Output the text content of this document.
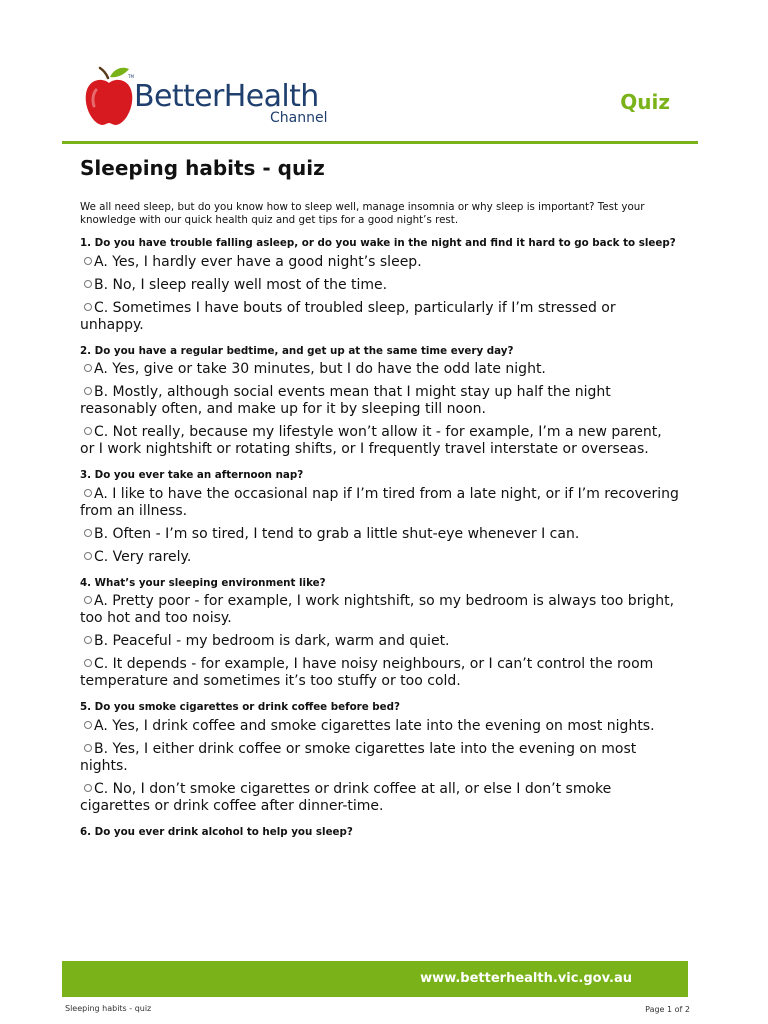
TM
BetterHealth
Channel
Quiz
Sleeping habits - quiz

We all need sleep, but do you know how to sleep well, manage insomnia or why sleep is important? Test your knowledge with our quick health quiz and get tips for a good night’s rest.

1. Do you have trouble falling asleep, or do you wake in the night and find it hard to go back to sleep?

A. Yes, I hardly ever have a good night’s sleep.
B. No, I sleep really well most of the time.
C. Sometimes I have bouts of troubled sleep, particularly if I’m stressed or unhappy.

2. Do you have a regular bedtime, and get up at the same time every day?

A. Yes, give or take 30 minutes, but I do have the odd late night.
B. Mostly, although social events mean that I might stay up half the night reasonably often, and make up for it by sleeping till noon.
C. Not really, because my lifestyle won’t allow it - for example, I’m a new parent, or I work nightshift or rotating shifts, or I frequently travel interstate or overseas.

3. Do you ever take an afternoon nap?

A. I like to have the occasional nap if I’m tired from a late night, or if I’m recovering from an illness.
B. Often - I’m so tired, I tend to grab a little shut-eye whenever I can.
C. Very rarely.

4. What’s your sleeping environment like?

A. Pretty poor - for example, I work nightshift, so my bedroom is always too bright, too hot and too noisy.
B. Peaceful - my bedroom is dark, warm and quiet.
C. It depends - for example, I have noisy neighbours, or I can’t control the room temperature and sometimes it’s too stuffy or too cold.

5. Do you smoke cigarettes or drink coffee before bed?

A. Yes, I drink coffee and smoke cigarettes late into the evening on most nights.
B. Yes, I either drink coffee or smoke cigarettes late into the evening on most nights.
C. No, I don’t smoke cigarettes or drink coffee at all, or else I don’t smoke cigarettes or drink coffee after dinner-time.

6. Do you ever drink alcohol to help you sleep?

www.betterhealth.vic.gov.au
Sleeping habits - quiz	Page 1 of 2
